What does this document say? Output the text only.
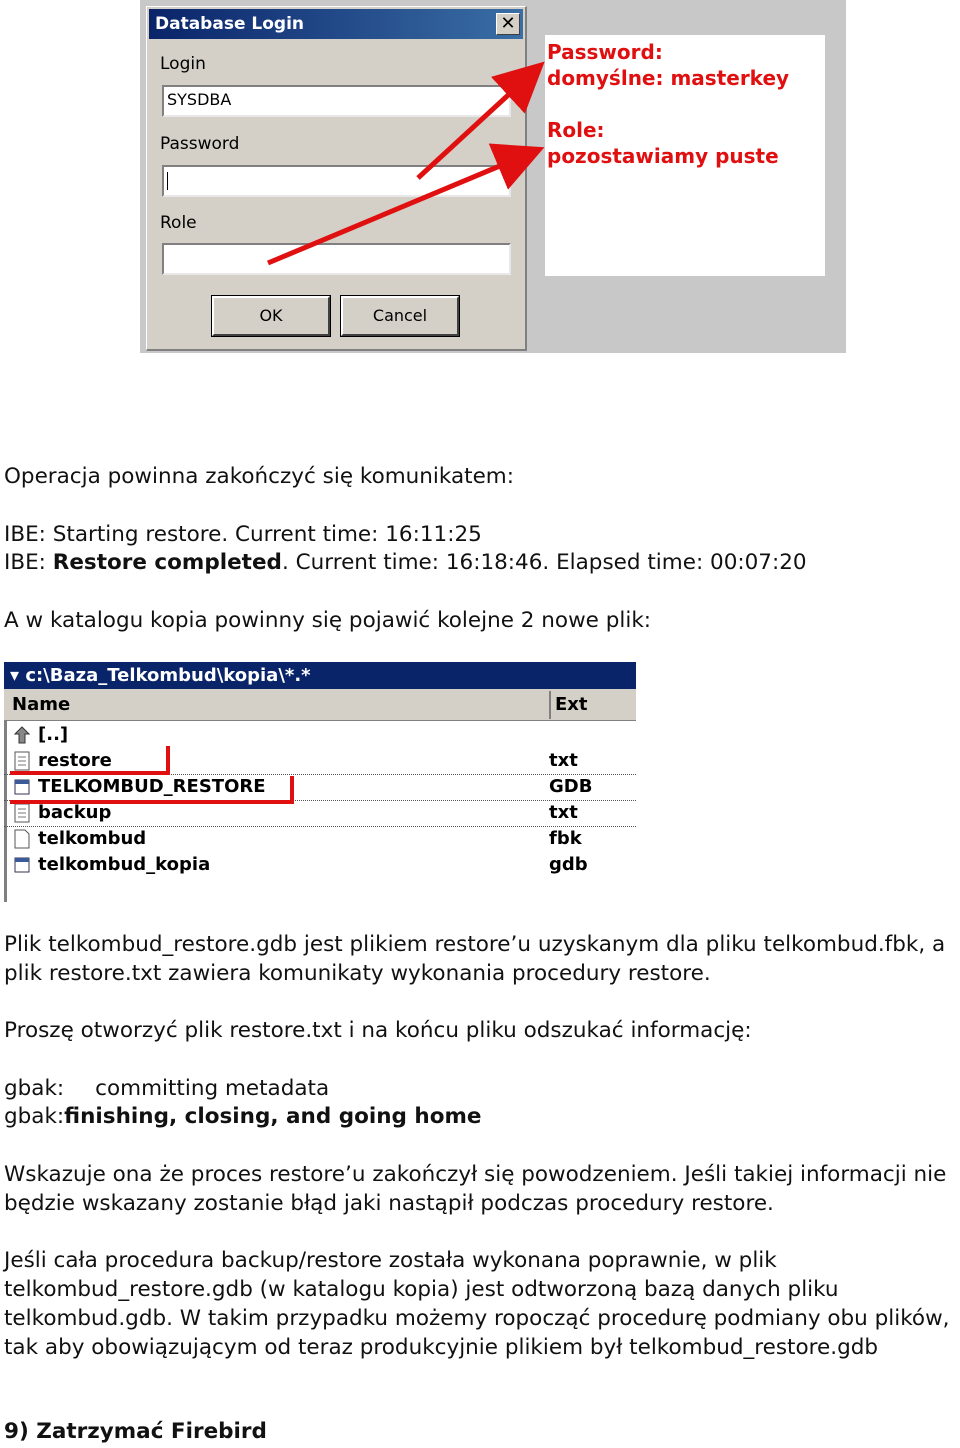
Database Login	✕
Login
SYSDBA
Password
Role
OK	Cancel
Password:
domyślne: masterkey
Role:
pozostawiamy puste
Operacja powinna zakończyć się komunikatem:
IBE: Starting restore. Current time: 16:11:25
IBE: Restore completed. Current time: 16:18:46. Elapsed time: 00:07:20
A w katalogu kopia powinny się pojawić kolejne 2 nowe plik:
▾ c:\Baza_Telkombud\kopia\*.*
Name	Ext
[..]
restore	txt
TELKOMBUD_RESTORE	GDB
backup	txt
telkombud	fbk
telkombud_kopia	gdb
Plik telkombud_restore.gdb jest plikiem restore’u uzyskanym dla pliku telkombud.fbk, a plik restore.txt zawiera komunikaty wykonania procedury restore.
Proszę otworzyć plik restore.txt i na końcu pliku odszukać informację:
gbak: committing metadata
gbak:finishing, closing, and going home
Wskazuje ona że proces restore’u zakończył się powodzeniem. Jeśli takiej informacji nie będzie wskazany zostanie błąd jaki nastąpił podczas procedury restore.
Jeśli cała procedura backup/restore została wykonana poprawnie, w plik telkombud_restore.gdb (w katalogu kopia) jest odtworzoną bazą danych pliku telkombud.gdb. W takim przypadku możemy ropocząć procedurę podmiany obu plików, tak aby obowiązującym od teraz produkcyjnie plikiem był telkombud_restore.gdb
9) Zatrzymać Firebird
